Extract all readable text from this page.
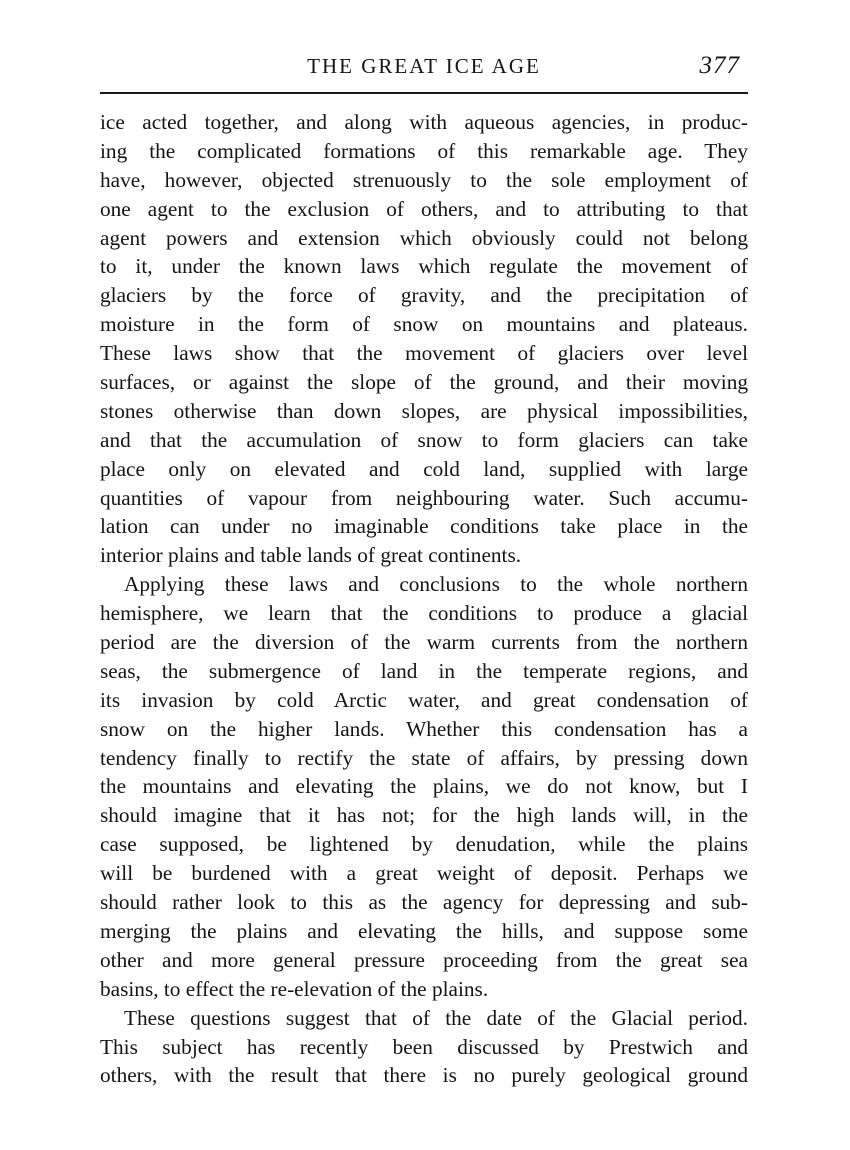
THE GREAT ICE AGE	377
ice acted together, and along with aqueous agencies, in produc-
ing the complicated formations of this remarkable age. They
have, however, objected strenuously to the sole employment of
one agent to the exclusion of others, and to attributing to that
agent powers and extension which obviously could not belong
to it, under the known laws which regulate the movement of
glaciers by the force of gravity, and the precipitation of
moisture in the form of snow on mountains and plateaus.
These laws show that the movement of glaciers over level
surfaces, or against the slope of the ground, and their moving
stones otherwise than down slopes, are physical impossibilities,
and that the accumulation of snow to form glaciers can take
place only on elevated and cold land, supplied with large
quantities of vapour from neighbouring water. Such accumu-
lation can under no imaginable conditions take place in the
interior plains and table lands of great continents.
Applying these laws and conclusions to the whole northern
hemisphere, we learn that the conditions to produce a glacial
period are the diversion of the warm currents from the northern
seas, the submergence of land in the temperate regions, and
its invasion by cold Arctic water, and great condensation of
snow on the higher lands. Whether this condensation has a
tendency finally to rectify the state of affairs, by pressing down
the mountains and elevating the plains, we do not know, but I
should imagine that it has not; for the high lands will, in the
case supposed, be lightened by denudation, while the plains
will be burdened with a great weight of deposit. Perhaps we
should rather look to this as the agency for depressing and sub-
merging the plains and elevating the hills, and suppose some
other and more general pressure proceeding from the great sea
basins, to effect the re-elevation of the plains.
These questions suggest that of the date of the Glacial period.
This subject has recently been discussed by Prestwich and
others, with the result that there is no purely geological ground
